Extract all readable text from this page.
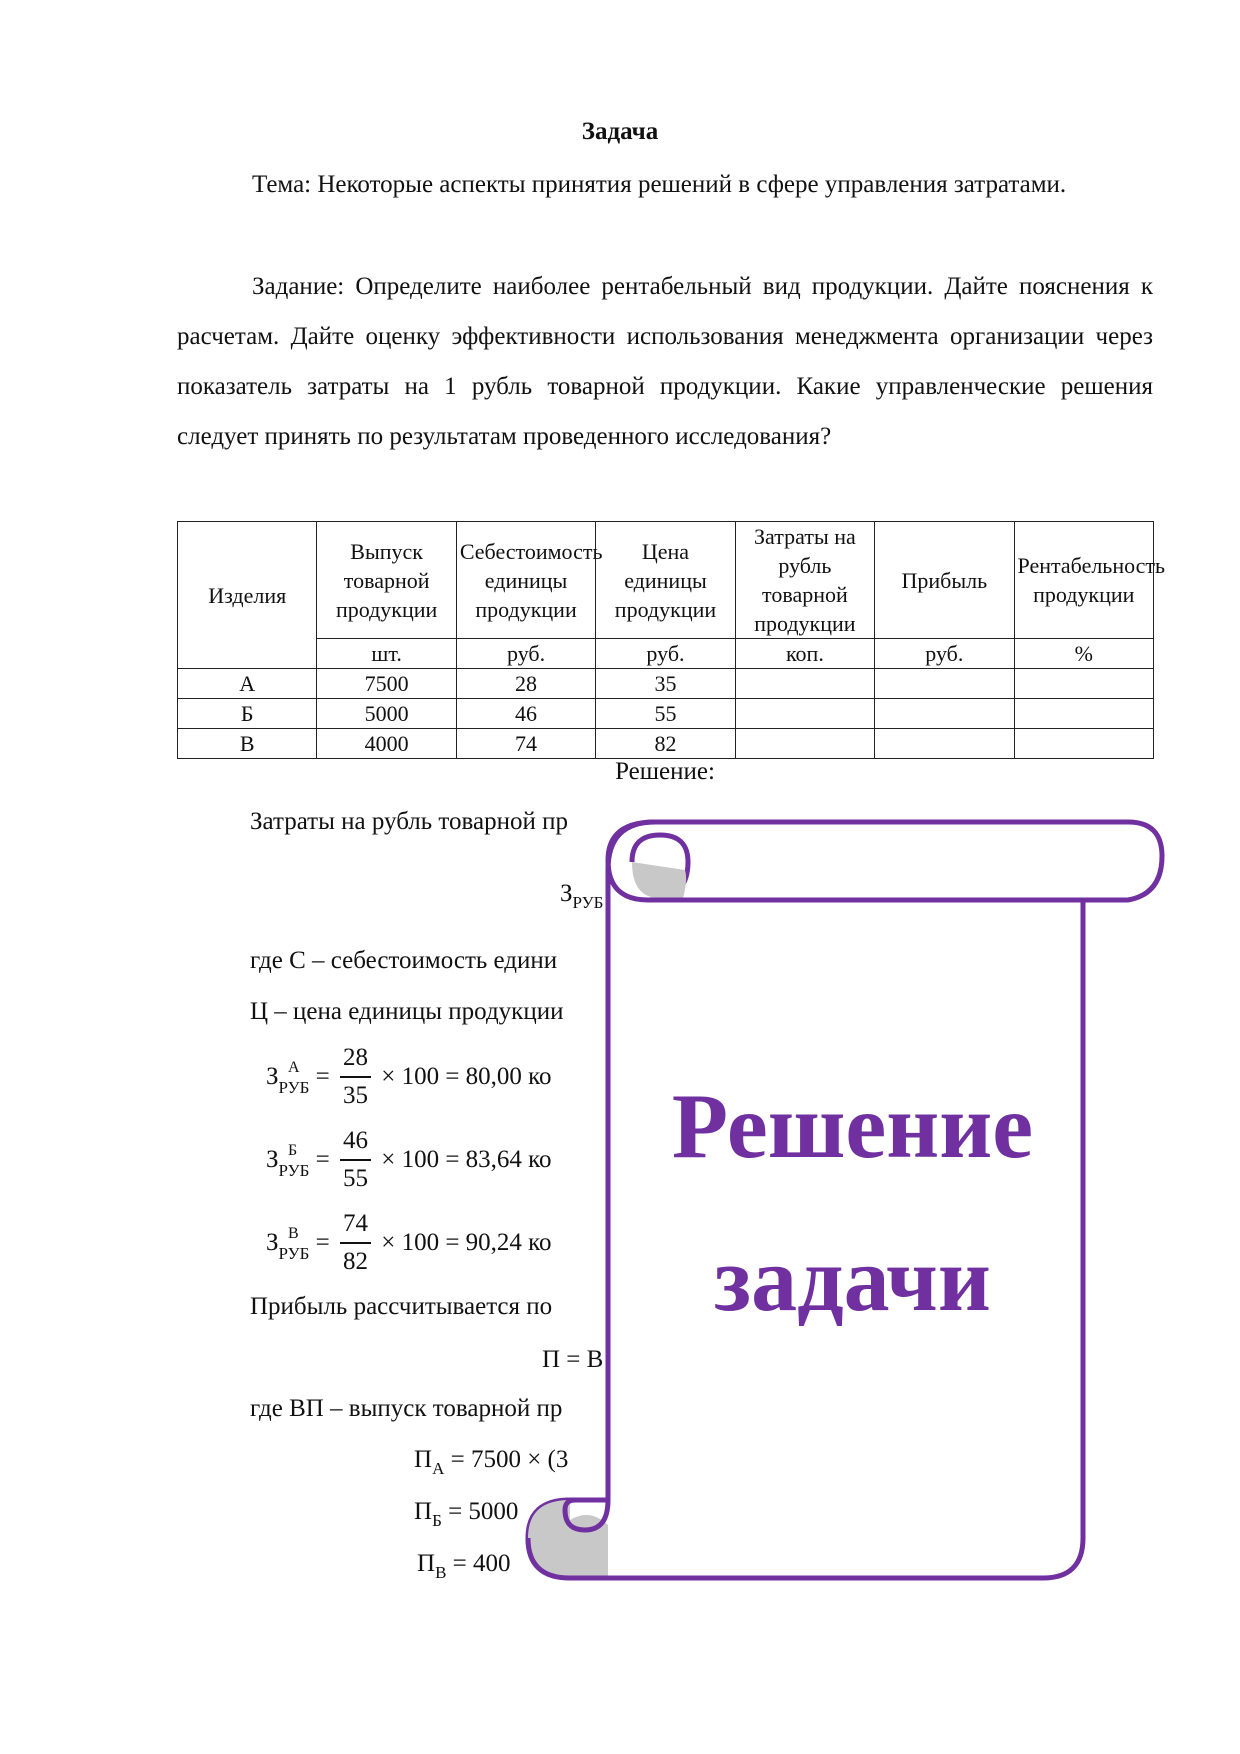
Задача

Тема: Некоторые аспекты принятия решений в сфере управления затратами.

Задание: Определите наиболее рентабельный вид продукции. Дайте пояснения к расчетам. Дайте оценку эффективности использования менеджмента организации через показатель затраты на 1 рубль товарной продукции. Какие управленческие решения следует принять по результатам проведенного исследования?

Изделия	Выпуск товарной продукции	Себестоимость единицы продукции	Цена единицы продукции	Затраты на рубль товарной продукции	Прибыль	Рентабельность продукции
	шт.	руб.	руб.	коп.	руб.	%
А	7500	28	35			
Б	5000	46	55			
В	4000	74	82			
Решение:
Затраты на рубль товарной пр
$З_{РУБ}$
где С – себестоимость едини
Ц – цена единицы продукции
$З_{РУБ}$
$А = \frac{28}{35} \times 100 = 80,00$ ко
$З_{РУБ}$
$Б = \frac{46}{55} \times 100 = 83,64$ ко
$З_{РУБ}$
$В = \frac{74}{82} \times 100 = 90,24$ ко
Прибыль рассчитывается по
П = В
где ВП – выпуск товарной пр
$П_А = 7500 \times (3$
$П_Б = 5000$
$П_В = 400$
Решение
задачи
